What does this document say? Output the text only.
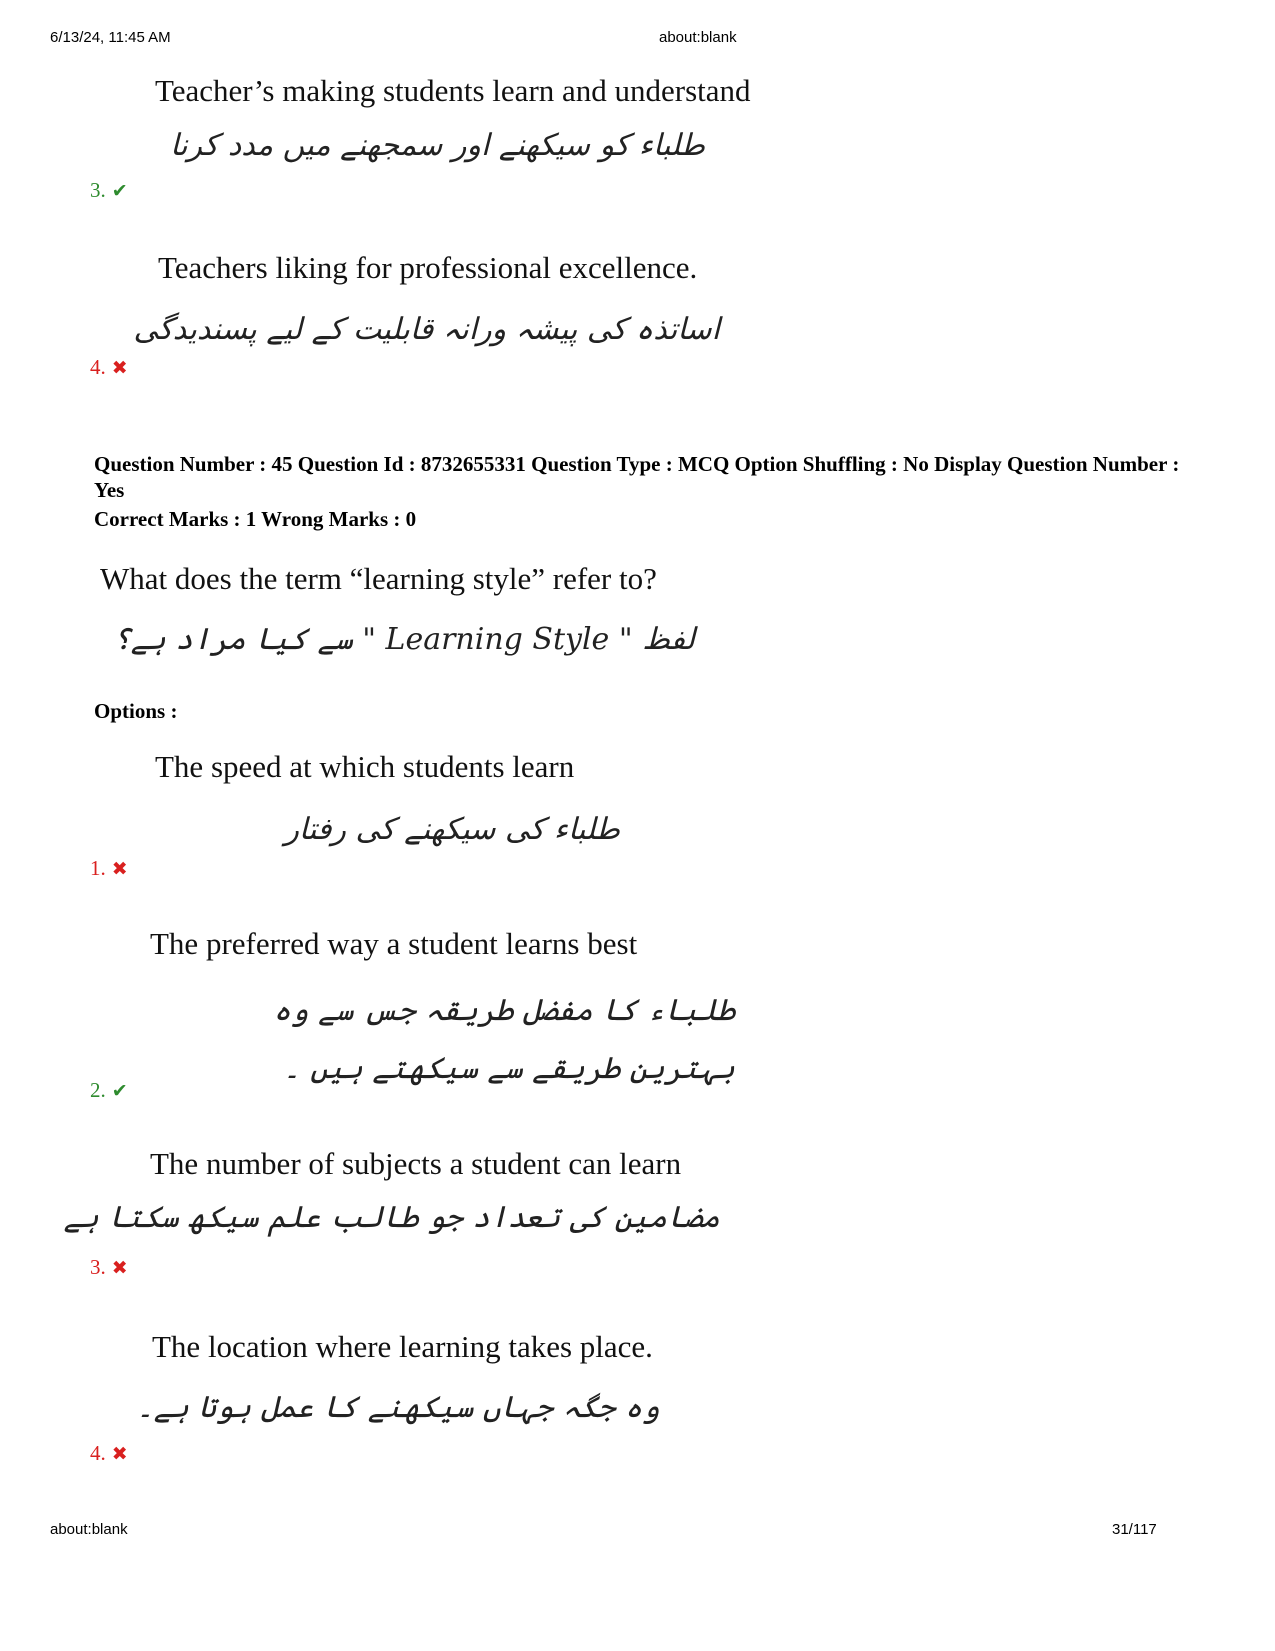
6/13/24, 11:45 AM	about:blank
Teacher’s making students learn and understand
طلباء کو سیکھنے اور سمجھنے میں مدد کرنا
3. ✔
Teachers liking for professional excellence.
اساتذہ کی پیشہ ورانہ قابلیت کے لیے پسندیدگی
4. ✖
Question Number : 45 Question Id : 8732655331 Question Type : MCQ Option Shuffling : No Display Question Number : Yes
Correct Marks : 1 Wrong Marks : 0
What does the term “learning style” refer to?
لفظ " Learning Style " سے کیا مراد ہے؟
Options :
The speed at which students learn
طلباء کی سیکھنے کی رفتار
1. ✖
The preferred way a student learns best
طلباء کا مفضل طریقہ جس سے وہ بہترین طریقے سے سیکھتے ہیں ۔
2. ✔
The number of subjects a student can learn
مضامین کی تعداد جو طالب علم سیکھ سکتا ہے
3. ✖
The location where learning takes place.
وہ جگہ جہاں سیکھنے کا عمل ہوتا ہے۔
4. ✖
about:blank	31/117
